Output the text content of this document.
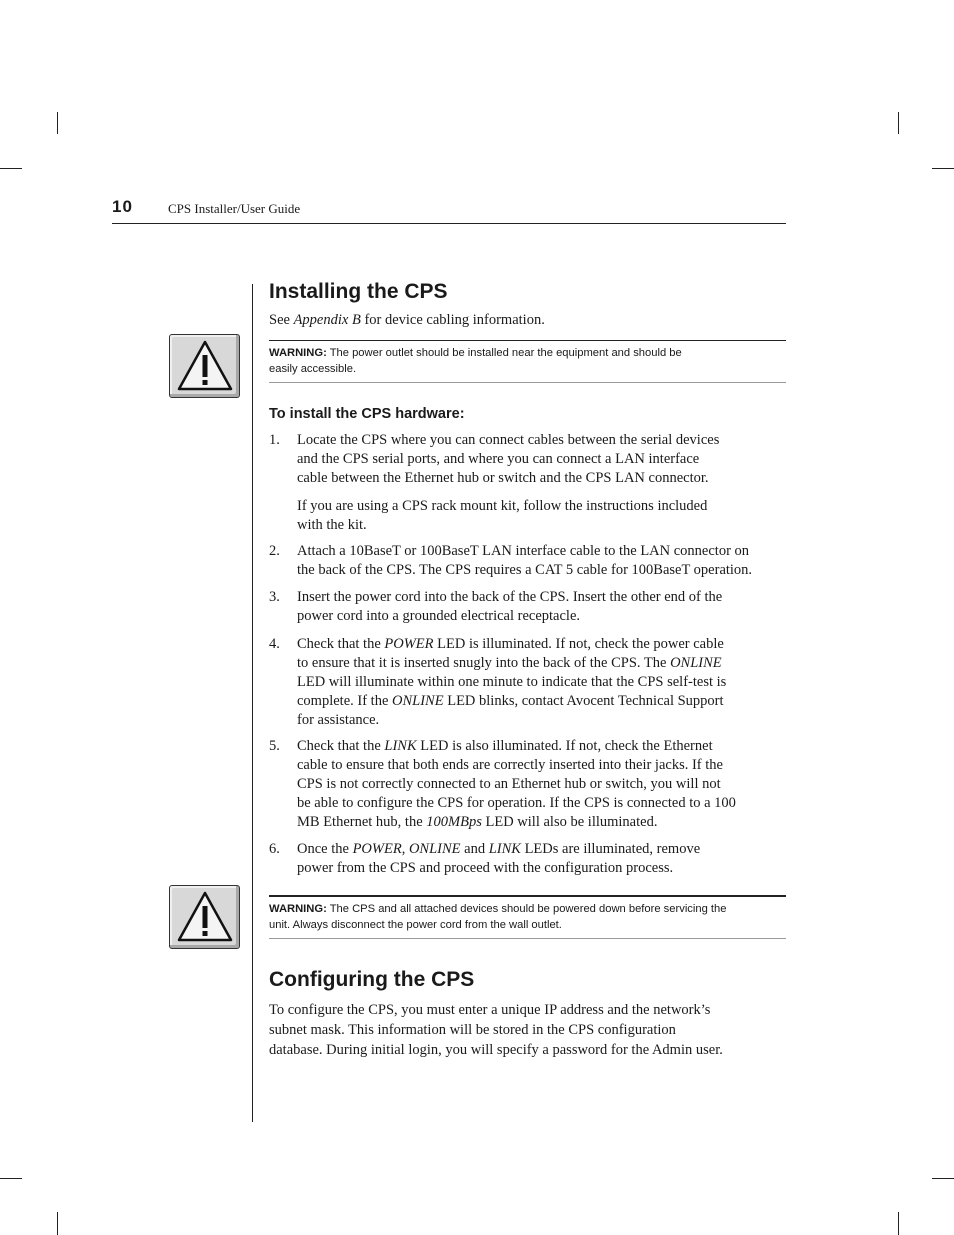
10	CPS Installer/User Guide
Installing the CPS

See Appendix B for device cabling information.

WARNING: The power outlet should be installed near the equipment and should be
easily accessible.
To install the CPS hardware:
1. Locate the CPS where you can connect cables between the serial devices

and the CPS serial ports, and where you can connect a LAN interface

cable between the Ethernet hub or switch and the CPS LAN connector.

If you are using a CPS rack mount kit, follow the instructions included

with the kit.

2. Attach a 10BaseT or 100BaseT LAN interface cable to the LAN connector on

the back of the CPS. The CPS requires a CAT 5 cable for 100BaseT operation.

3. Insert the power cord into the back of the CPS. Insert the other end of the

power cord into a grounded electrical receptacle.

4. Check that the POWER LED is illuminated. If not, check the power cable

to ensure that it is inserted snugly into the back of the CPS. The ONLINE

LED will illuminate within one minute to indicate that the CPS self-test is

complete. If the ONLINE LED blinks, contact Avocent Technical Support

for assistance.

5. Check that the LINK LED is also illuminated. If not, check the Ethernet

cable to ensure that both ends are correctly inserted into their jacks. If the

CPS is not correctly connected to an Ethernet hub or switch, you will not

be able to configure the CPS for operation. If the CPS is connected to a 100

MB Ethernet hub, the 100MBps LED will also be illuminated.

6. Once the POWER, ONLINE and LINK LEDs are illuminated, remove

power from the CPS and proceed with the configuration process.

WARNING: The CPS and all attached devices should be powered down before servicing the
unit. Always disconnect the power cord from the wall outlet.
Configuring the CPS
To configure the CPS, you must enter a unique IP address and the network’s
subnet mask. This information will be stored in the CPS configuration
database. During initial login, you will specify a password for the Admin user.
